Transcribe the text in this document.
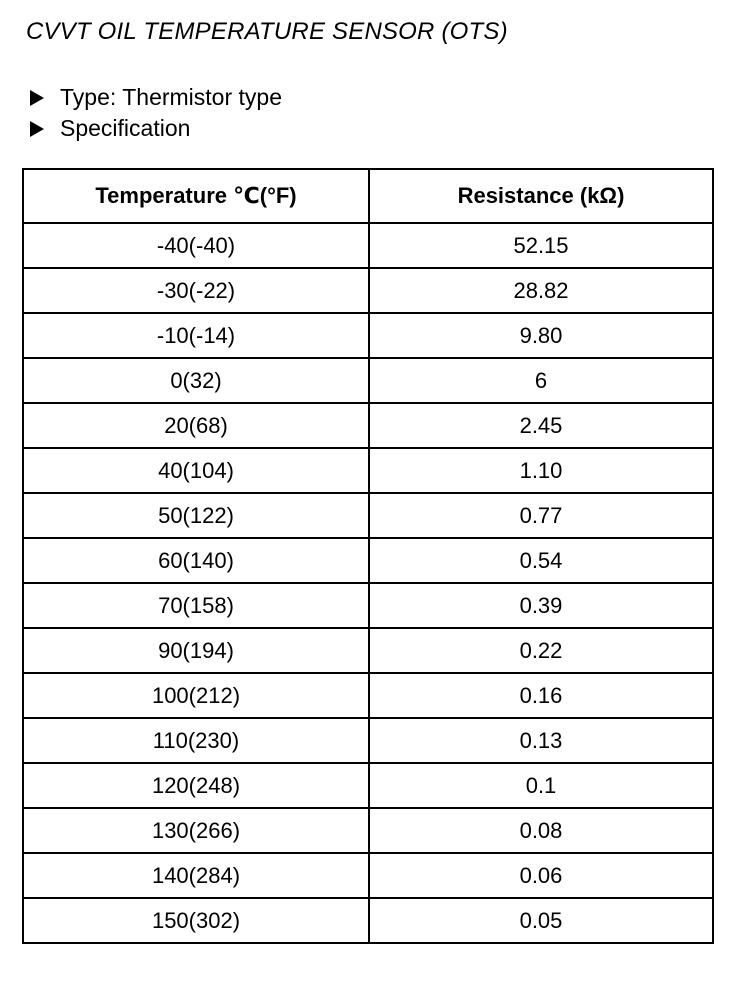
CVVT OIL TEMPERATURE SENSOR (OTS)
Type: Thermistor type
Specification
Temperature ℃(°F)	Resistance (kΩ)
-40(-40)	52.15
-30(-22)	28.82
-10(-14)	9.80
0(32)	6
20(68)	2.45
40(104)	1.10
50(122)	0.77
60(140)	0.54
70(158)	0.39
90(194)	0.22
100(212)	0.16
110(230)	0.13
120(248)	0.1
130(266)	0.08
140(284)	0.06
150(302)	0.05
